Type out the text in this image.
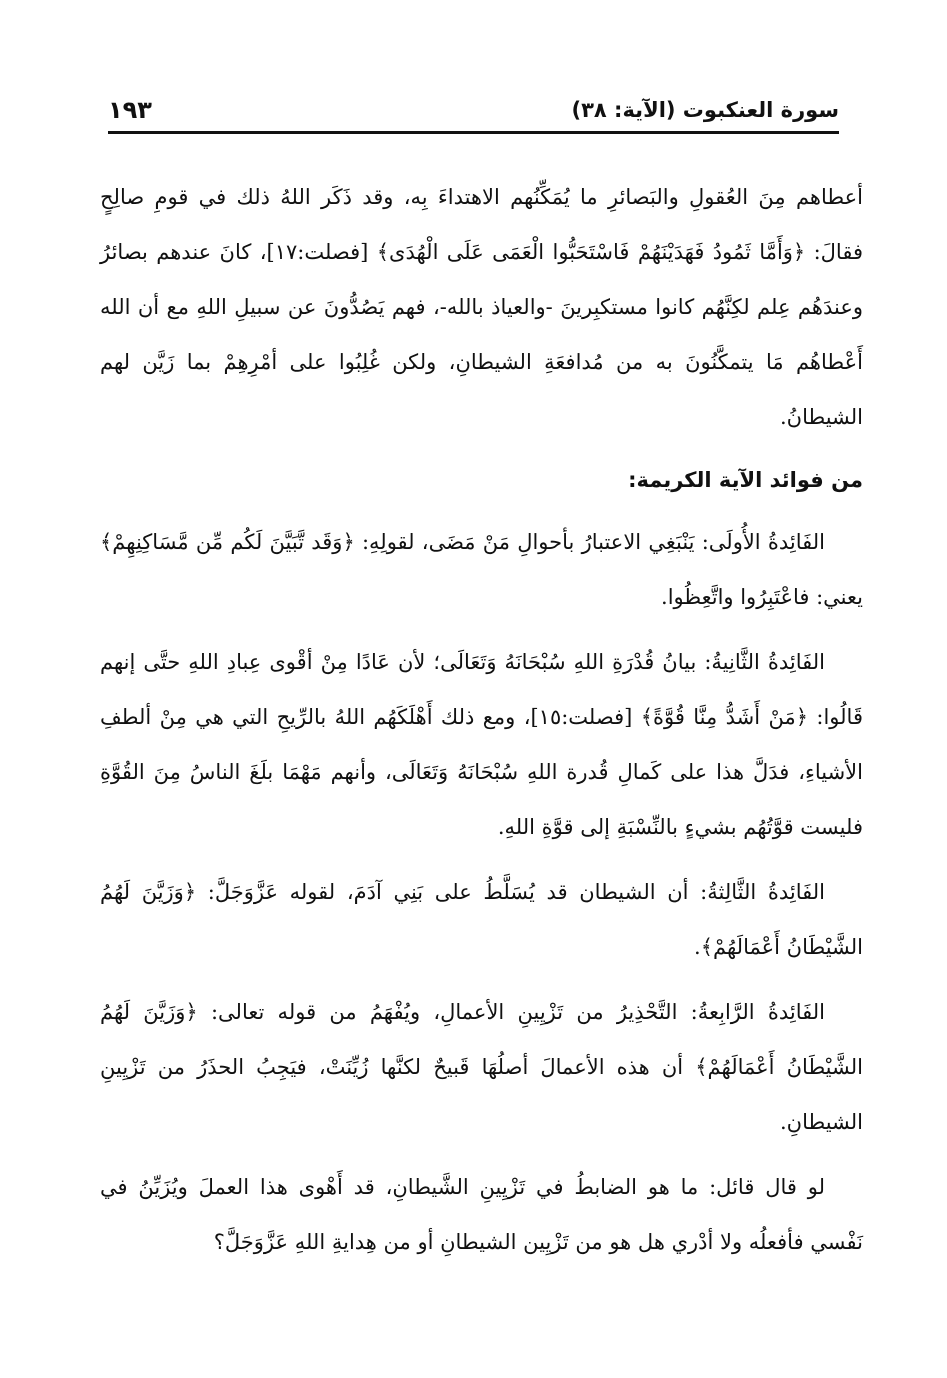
سورة العنكبوت (الآية: ٣٨)
١٩٣

أعطاهم مِنَ العُقولِ والبَصائرِ ما يُمَكِّنُهم الاهتداءَ بِه، وقد ذَكَر اللهُ ذلك في قومِ صالِحٍ فقالَ: ﴿وَأَمَّا ثَمُودُ فَهَدَيْنَهُمْ فَاسْتَحَبُّوا الْعَمَى عَلَى الْهُدَى﴾ [فصلت:١٧]، كانَ عندهم بصائرُ وعندَهُم عِلم لكِنَّهُم كانوا مستكبِرينَ -والعياذ بالله-، فهم يَصُدُّونَ عن سبيلِ اللهِ مع أن الله أَعْطاهُم مَا يتمكَّنُونَ به من مُدافعَةِ الشيطانِ، ولكن غُلِبُوا على أمْرِهِمْ بما زَيَّن لهم الشيطانُ.

من فوائد الآية الكريمة:

الفَائِدةُ الأُولَى: يَنْبَغِي الاعتبارُ بأحوالِ مَنْ مَضَى، لقولِهِ: ﴿وَقَد تَّبَيَّنَ لَكُم مِّن مَّسَاكِنِهِمْ﴾ يعني: فاعْتَبِرُوا واتَّعِظُوا.

الفَائِدةُ الثَّانِيةُ: بيانُ قُدْرَةِ اللهِ سُبْحَانَهُ وَتَعَالَى؛ لأن عَادًا مِنْ أقْوى عِبادِ اللهِ حتَّى إنهم قَالُوا: ﴿مَنْ أَشَدُّ مِنَّا قُوَّةً﴾ [فصلت:١٥]، ومع ذلك أَهْلَكَهُم اللهُ بالرِّيحِ التي هي مِنْ ألطفِ الأشياءِ، فدَلَّ هذا على كَمالِ قُدرة اللهِ سُبْحَانَهُ وَتَعَالَى، وأنهم مَهْمَا بلَغَ الناسُ مِنَ القُوَّةِ فليست قوَّتُهُم بشيءٍ بالنِّسْبَةِ إلى قوَّةِ اللهِ.

الفَائِدةُ الثَّالِثةُ: أن الشيطان قد يُسَلَّطُ على بَنِي آدَمَ، لقوله عَزَّوَجَلَّ: ﴿وَزَيَّنَ لَهُمُ الشَّيْطَانُ أَعْمَالَهُمْ﴾.

الفَائِدةُ الرَّابِعةُ: التَّحْذِيرُ من تَزْيِينِ الأعمالِ، ويُفْهَمُ من قوله تعالى: ﴿وَزَيَّنَ لَهُمُ الشَّيْطَانُ أَعْمَالَهُمْ﴾ أن هذه الأعمالَ أصلُهَا قَبيحٌ لكنَّها زُيِّنَتْ، فيَجِبُ الحذَرُ من تَزْيِينِ الشيطانِ.

لو قال قائل: ما هو الضابطُ في تَزْيِينِ الشَّيطانِ، قد أَهْوى هذا العملَ ويُزَيِّنُ في نَفْسي فأفعلُه ولا أدْري هل هو من تَزْيِين الشيطانِ أو من هِدايةِ اللهِ عَزَّوَجَلَّ؟
